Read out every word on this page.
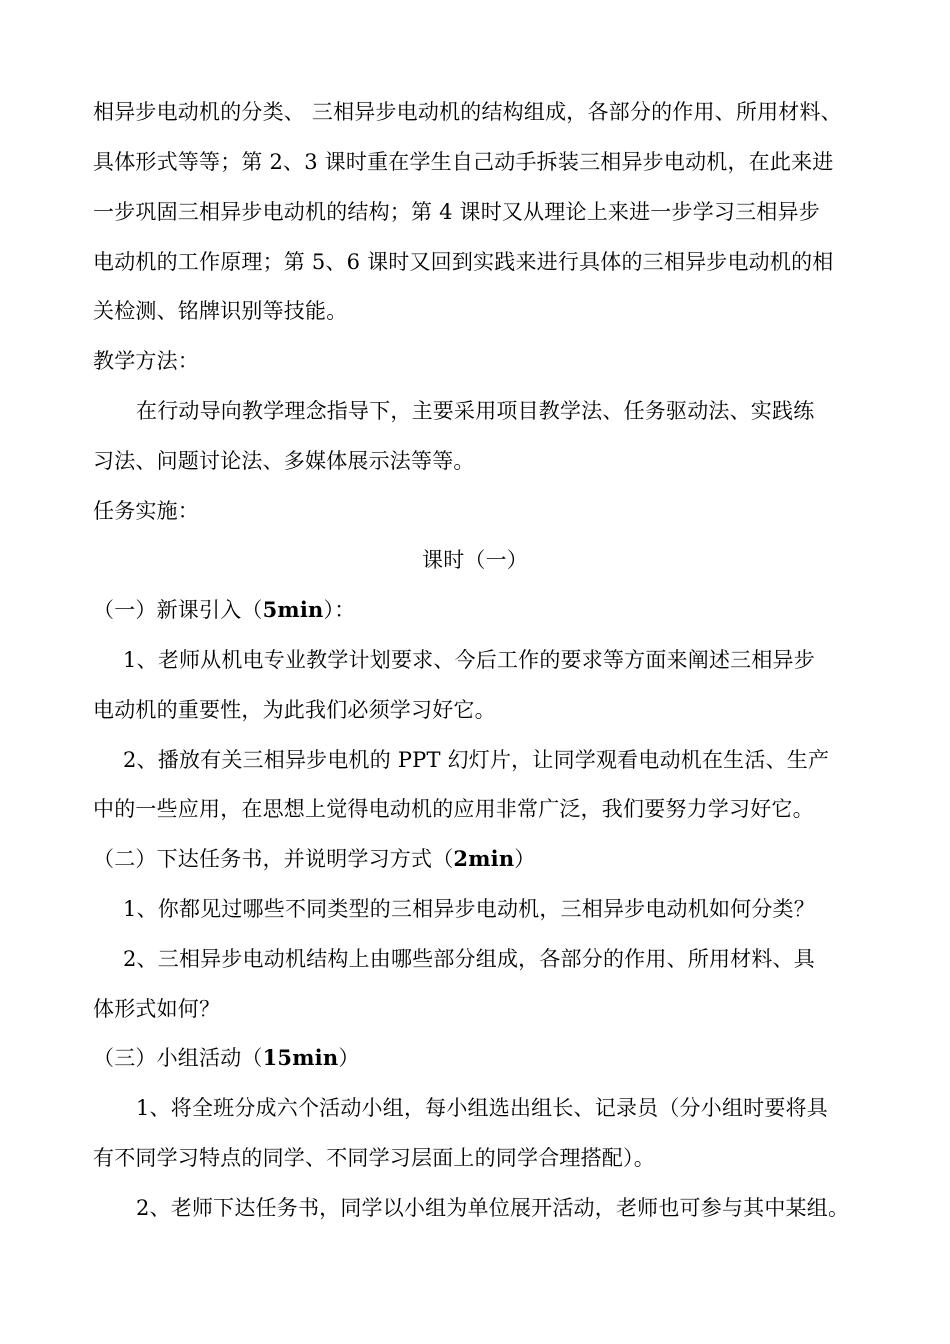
相异步电动机的分类、 三相异步电动机的结构组成，各部分的作用、所用材料、
具体形式等等；第 2、3 课时重在学生自己动手拆装三相异步电动机，在此来进
一步巩固三相异步电动机的结构；第 4 课时又从理论上来进一步学习三相异步
电动机的工作原理；第 5、6 课时又回到实践来进行具体的三相异步电动机的相
关检测、铭牌识别等技能。
教学方法：
在行动导向教学理念指导下，主要采用项目教学法、任务驱动法、实践练
习法、问题讨论法、多媒体展示法等等。
任务实施：
课时（一）
（一）新课引入（5min）：
1、老师从机电专业教学计划要求、今后工作的要求等方面来阐述三相异步
电动机的重要性，为此我们必须学习好它。
2、播放有关三相异步电机的 PPT 幻灯片，让同学观看电动机在生活、生产
中的一些应用，在思想上觉得电动机的应用非常广泛，我们要努力学习好它。
（二）下达任务书，并说明学习方式（2min）
1、你都见过哪些不同类型的三相异步电动机，三相异步电动机如何分类？
2、三相异步电动机结构上由哪些部分组成，各部分的作用、所用材料、具
体形式如何？
（三）小组活动（15min）
1、将全班分成六个活动小组，每小组选出组长、记录员（分小组时要将具
有不同学习特点的同学、不同学习层面上的同学合理搭配）。
2、老师下达任务书，同学以小组为单位展开活动，老师也可参与其中某组。
